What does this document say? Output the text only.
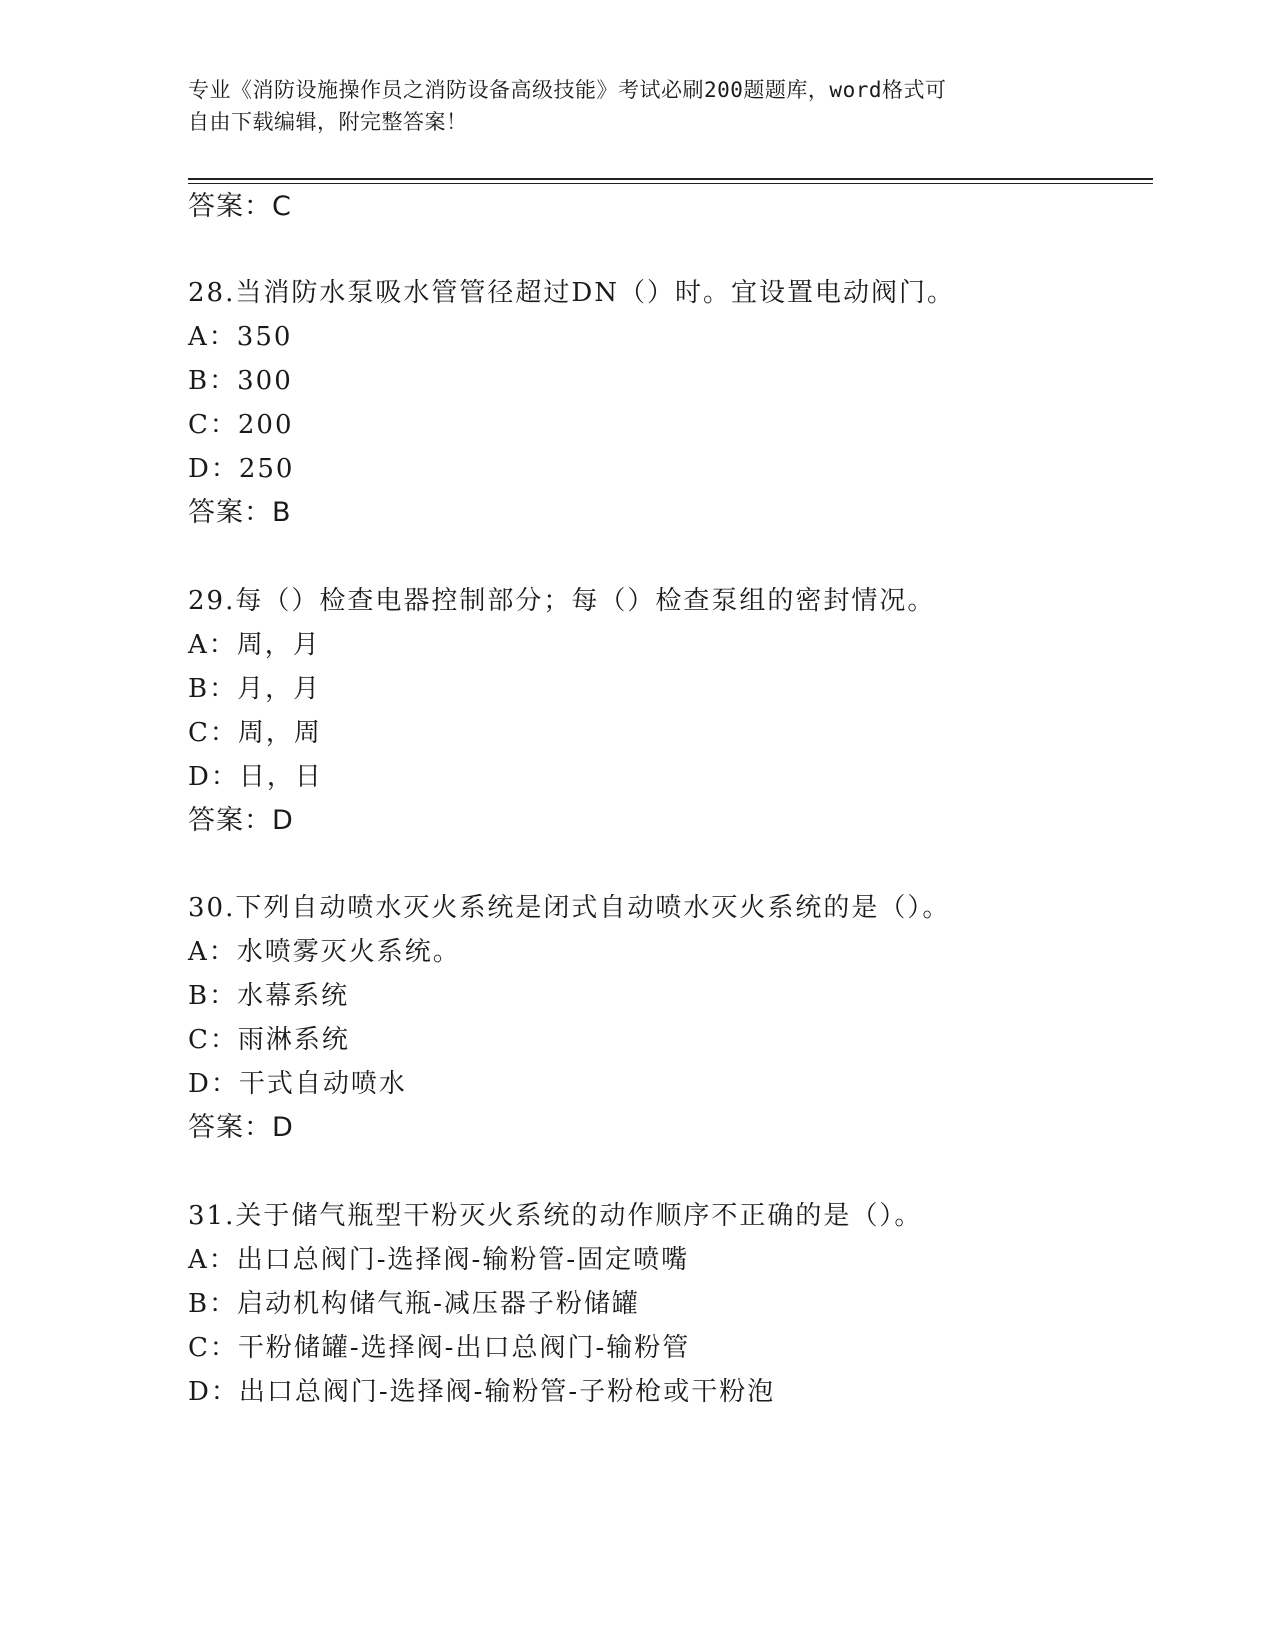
专业《消防设施操作员之消防设备高级技能》考试必刷200题题库，word格式可
自由下载编辑，附完整答案！
答案：C
28.当消防水泵吸水管管径超过DN（）时。宜设置电动阀门。
A：350
B：300
C：200
D：250
答案：B
29.每（）检查电器控制部分；每（）检查泵组的密封情况。
A：周，月
B：月，月
C：周，周
D：日，日
答案：D
30.下列自动喷水灭火系统是闭式自动喷水灭火系统的是（）。
A：水喷雾灭火系统。
B：水幕系统
C：雨淋系统
D：干式自动喷水
答案：D
31.关于储气瓶型干粉灭火系统的动作顺序不正确的是（）。
A：出口总阀门-选择阀-输粉管-固定喷嘴
B：启动机构储气瓶-减压器子粉储罐
C：干粉储罐-选择阀-出口总阀门-输粉管
D：出口总阀门-选择阀-输粉管-子粉枪或干粉泡
